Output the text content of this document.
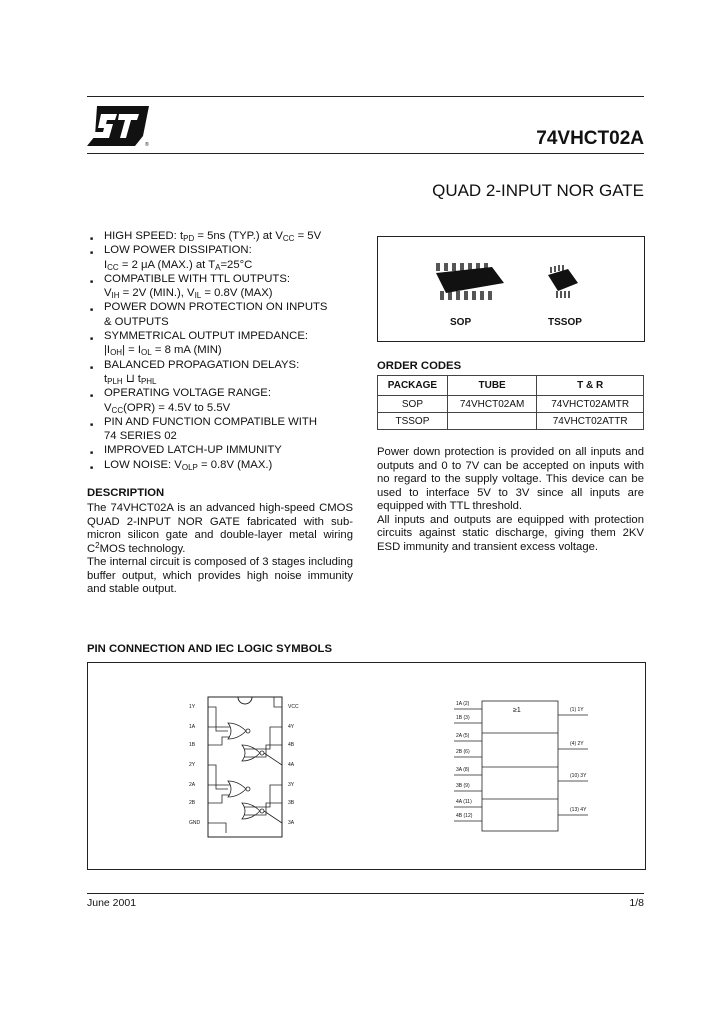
®	74VHCT02A
QUAD 2-INPUT NOR GATE
■ HIGH SPEED: $t_{PD} = 5ns$ (TYP.) at $V_{CC} = 5V$
■ LOW POWER DISSIPATION:
$I_{CC} = 2$ μA (MAX.) at $T_A=25^\circ C$
■ COMPATIBLE WITH TTL OUTPUTS:
$V_{IH} = 2V$ (MIN.), $V_{IL} = 0.8V$ (MAX)
■ POWER DOWN PROTECTION ON INPUTS
& OUTPUTS
■ SYMMETRICAL OUTPUT IMPEDANCE:
$|I_{OH}| = I_{OL} = 8$ mA (MIN)
■ BALANCED PROPAGATION DELAYS:
$t_{PLH}$ ⊔ $t_{PHL}$
■ OPERATING VOLTAGE RANGE:
$V_{CC}(OPR) = 4.5V$ to 5.5V
■ PIN AND FUNCTION COMPATIBLE WITH
74 SERIES 02
■ IMPROVED LATCH-UP IMMUNITY
■ LOW NOISE: $V_{OLP} = 0.8V$ (MAX.)
DESCRIPTION
The 74VHCT02A is an advanced high-speed CMOS QUAD 2-INPUT NOR GATE fabricated with sub-micron silicon gate and double-layer metal wiring $C^2MOS$ technology.
The internal circuit is composed of 3 stages including buffer output, which provides high noise immunity and stable output.
SOP	TSSOP
ORDER CODES
PACKAGE	TUBE	T & R
SOP	74VHCT02AM	74VHCT02AMTR
TSSOP		74VHCT02ATTR
Power down protection is provided on all inputs and outputs and 0 to 7V can be accepted on inputs with no regard to the supply voltage. This device can be used to interface 5V to 3V since all inputs are equipped with TTL threshold.
All inputs and outputs are equipped with protection circuits against static discharge, giving them 2KV ESD immunity and transient excess voltage.
PIN CONNECTION AND IEC LOGIC SYMBOLS
1Y
1A
1B
2Y
2A
2B
GND
VCC
4Y
4B
4A
3Y
3B
3A
≥1
1A (2)
1B (3)
2A (5)
2B (6)
3A (8)
3B (9)
4A (11)
4B (12)
(1) 1Y
(4) 2Y
(10) 3Y
(13) 4Y
June 2001	1/8
